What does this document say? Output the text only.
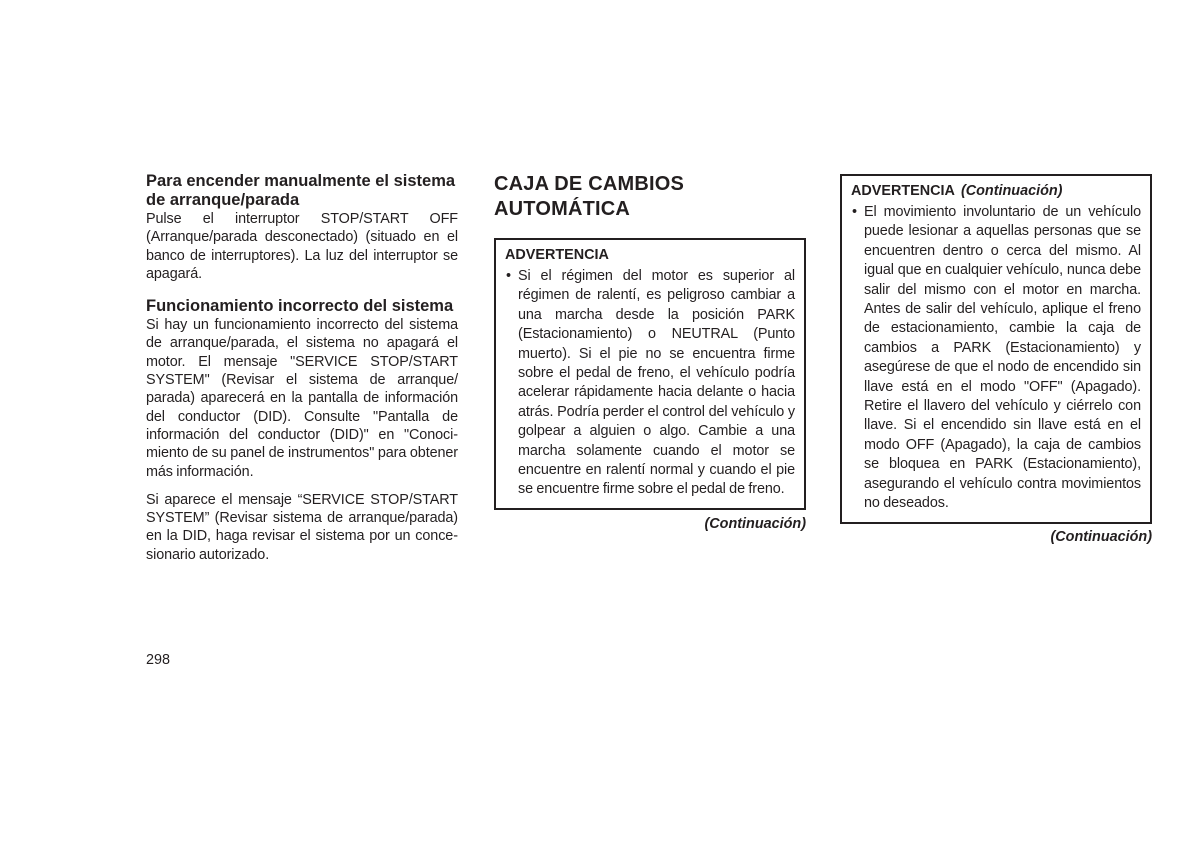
Para encender manualmente el sistema de arranque/parada

Pulse el interruptor STOP/START OFF (Arranque/parada desconectado) (situado en el banco de interruptores). La luz del interruptor se apagará.

Funcionamiento incorrecto del sistema

Si hay un funcionamiento incorrecto del sistema de arranque/parada, el sistema no apagará el motor. El mensaje "SERVICE STOP/START SYSTEM" (Revisar el sistema de arranque/ parada) aparecerá en la pantalla de información del conductor (DID). Consulte "Pantalla de información del conductor (DID)" en "Conocimiento de su panel de instrumentos" para obtener más información.

Si aparece el mensaje “SERVICE STOP/START SYSTEM” (Revisar sistema de arranque/parada) en la DID, haga revisar el sistema por un concesionario autorizado.

CAJA DE CAMBIOS AUTOMÁTICA
ADVERTENCIA

• Si el régimen del motor es superior al régimen de ralentí, es peligroso cambiar a una marcha desde la posición PARK (Estacionamiento) o NEUTRAL (Punto muerto). Si el pie no se encuentra firme sobre el pedal de freno, el vehículo podría acelerar rápidamente hacia delante o hacia atrás. Podría perder el control del vehículo y golpear a alguien o algo. Cambie a una marcha solamente cuando el motor se encuentre en ralentí normal y cuando el pie se encuentre firme sobre el pedal de freno.

(Continuación)

ADVERTENCIA (Continuación)

• El movimiento involuntario de un vehículo puede lesionar a aquellas personas que se encuentren dentro o cerca del mismo. Al igual que en cualquier vehículo, nunca debe salir del mismo con el motor en marcha. Antes de salir del vehículo, aplique el freno de estacionamiento, cambie la caja de cambios a PARK (Estacionamiento) y asegúrese de que el nodo de encendido sin llave está en el modo "OFF" (Apagado). Retire el llavero del vehículo y ciérrelo con llave. Si el encendido sin llave está en el modo OFF (Apagado), la caja de cambios se bloquea en PARK (Estacionamiento), asegurando el vehículo contra movimientos no deseados.

(Continuación)

298
